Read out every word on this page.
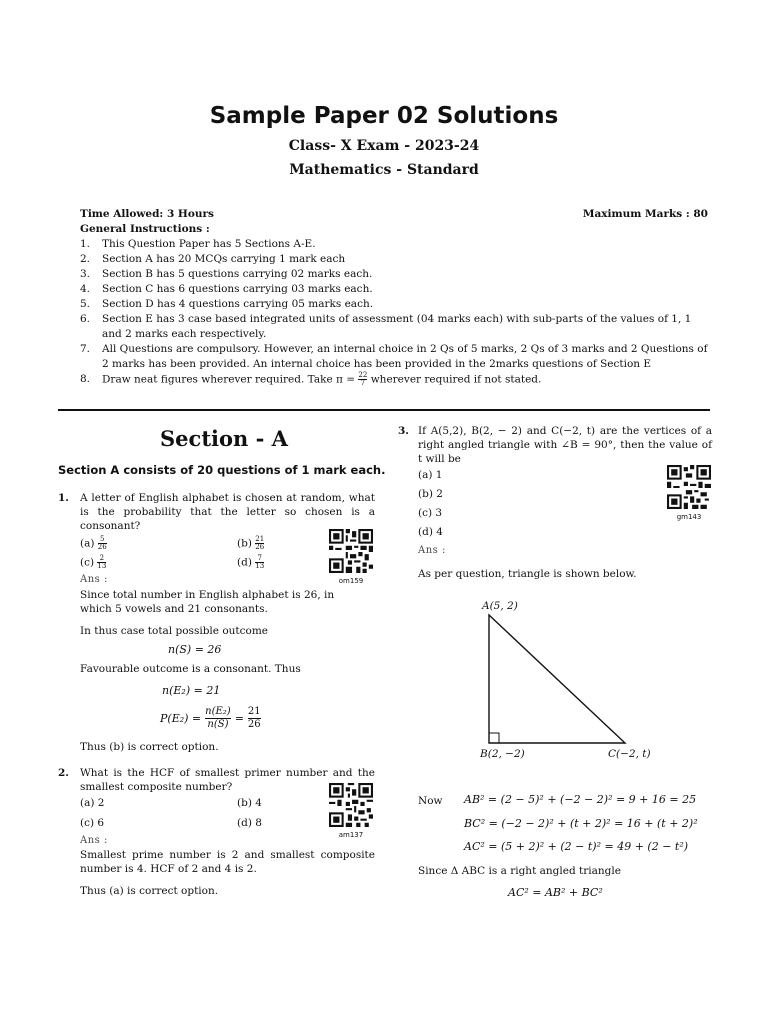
Sample Paper 02 Solutions
Class- X Exam - 2023-24
Mathematics - Standard
Time Allowed: 3 Hours	Maximum Marks : 80
General Instructions :
1.	This Question Paper has 5 Sections A-E.
2.	Section A has 20 MCQs carrying 1 mark each
3.	Section B has 5 questions carrying 02 marks each.
4.	Section C has 6 questions carrying 03 marks each.
5.	Section D has 4 questions carrying 05 marks each.
6.	Section E has 3 case based integrated units of assessment (04 marks each) with sub-parts of the values of 1, 1 and 2 marks each respectively.
7.	All Questions are compulsory. However, an internal choice in 2 Qs of 5 marks, 2 Qs of 3 marks and 2 Questions of 2 marks has been provided. An internal choice has been provided in the 2marks questions of Section E
8.	Draw neat figures wherever required. Take $\pi = \frac{22}{7}$ wherever required if not stated.
Section - A
Section A consists of 20 questions of 1 mark each.
1. A letter of English alphabet is chosen at random, what is the probability that the letter so chosen is a consonant?
$(a) \frac{5}{26}$	$(b) \frac{21}{26}$
$(c) \frac{2}{13}$	$(d) \frac{7}{13}$
om159
Ans :
Since total number in English alphabet is 26, in which 5 vowels and 21 consonants.
In thus case total possible outcome
n(S) = 26
Favourable outcome is a consonant. Thus
n(E₂) = 21
$P(E_2) = \frac{\text{n(E₂)}}{n(S)} = \frac{21}{26}$
Thus (b) is correct option.
2. What is the HCF of smallest primer number and the smallest composite number?
(a) 2	(b) 4
(c) 6	(d) 8
am137
Ans :
Smallest prime number is 2 and smallest composite number is 4. HCF of 2 and 4 is 2.
Thus (a) is correct option.
3. If A(5,2), B(2, − 2) and C(−2, t) are the vertices of a right angled triangle with ∠B = 90°, then the value of t will be
(a) 1
(b) 2
(c) 3
(d) 4
gm143
Ans :
As per question, triangle is shown below.
A(5, 2)
B(2, −2)	C(−2, t)
Now AB² = (2 − 5)² + (−2 − 2)² = 9 + 16 = 25
BC² = (−2 − 2)² + (t + 2)² = 16 + (t + 2)²
AC² = (5 + 2)² + (2 − t)² = 49 + (2 − t²)
Since Δ ABC is a right angled triangle
AC² = AB² + BC²
